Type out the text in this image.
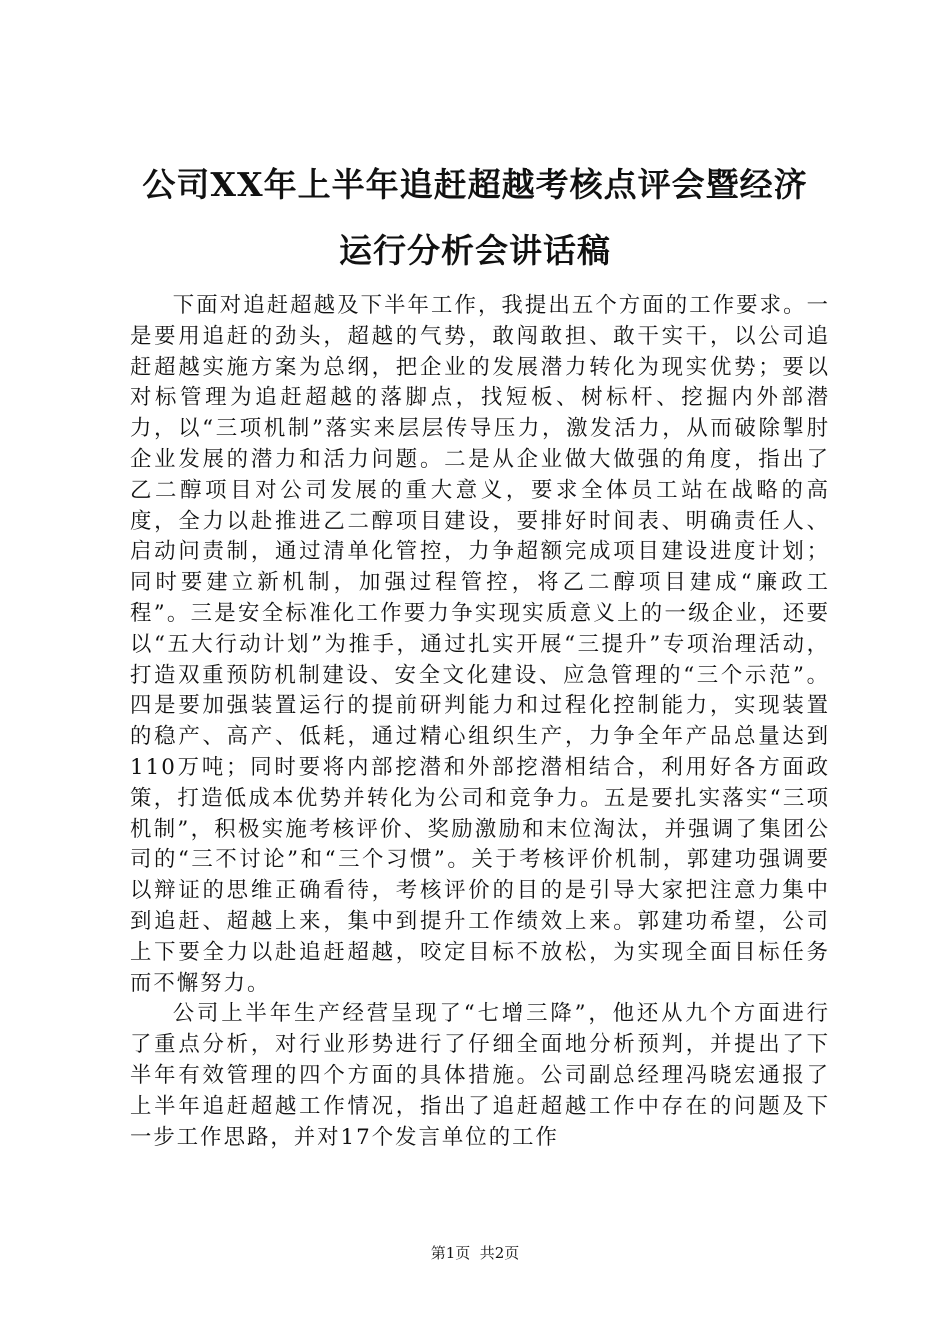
公司XX年上半年追赶超越考核点评会暨经济
运行分析会讲话稿

下面对追赶超越及下半年工作，我提出五个方面的工作要求。一是要用追赶的劲头，超越的气势，敢闯敢担、敢干实干，以公司追赶超越实施方案为总纲，把企业的发展潜力转化为现实优势；要以对标管理为追赶超越的落脚点，找短板、树标杆、挖掘内外部潜力，以“三项机制”落实来层层传导压力，激发活力，从而破除掣肘企业发展的潜力和活力问题。二是从企业做大做强的角度，指出了乙二醇项目对公司发展的重大意义，要求全体员工站在战略的高度，全力以赴推进乙二醇项目建设，要排好时间表、明确责任人、启动问责制，通过清单化管控，力争超额完成项目建设进度计划；同时要建立新机制，加强过程管控，将乙二醇项目建成“廉政工程”。三是安全标准化工作要力争实现实质意义上的一级企业，还要以“五大行动计划”为推手，通过扎实开展“三提升”专项治理活动，打造双重预防机制建设、安全文化建设、应急管理的“三个示范”。四是要加强装置运行的提前研判能力和过程化控制能力，实现装置的稳产、高产、低耗，通过精心组织生产，力争全年产品总量达到110万吨；同时要将内部挖潜和外部挖潜相结合，利用好各方面政策，打造低成本优势并转化为公司和竞争力。五是要扎实落实“三项机制”，积极实施考核评价、奖励激励和末位淘汰，并强调了集团公司的“三不讨论”和“三个习惯”。关于考核评价机制，郭建功强调要以辩证的思维正确看待，考核评价的目的是引导大家把注意力集中到追赶、超越上来，集中到提升工作绩效上来。郭建功希望，公司上下要全力以赴追赶超越，咬定目标不放松，为实现全面目标任务而不懈努力。

公司上半年生产经营呈现了“七增三降”，他还从九个方面进行了重点分析，对行业形势进行了仔细全面地分析预判，并提出了下半年有效管理的四个方面的具体措施。公司副总经理冯晓宏通报了上半年追赶超越工作情况，指出了追赶超越工作中存在的问题及下一步工作思路，并对17个发言单位的工作

第1页  共2页
